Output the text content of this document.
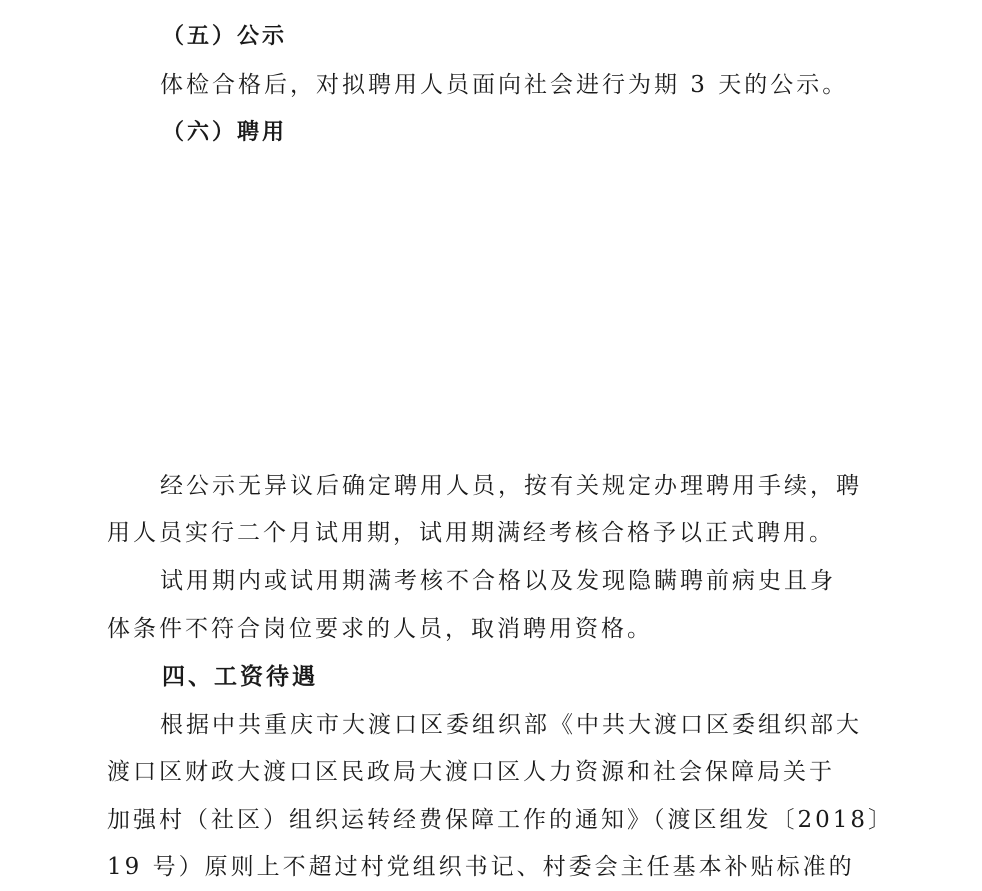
（五）公示
体检合格后，对拟聘用人员面向社会进行为期 3 天的公示。
（六）聘用
经公示无异议后确定聘用人员，按有关规定办理聘用手续，聘
用人员实行二个月试用期，试用期满经考核合格予以正式聘用。
试用期内或试用期满考核不合格以及发现隐瞒聘前病史且身
体条件不符合岗位要求的人员，取消聘用资格。
四、工资待遇
根据中共重庆市大渡口区委组织部《中共大渡口区委组织部大
渡口区财政大渡口区民政局大渡口区人力资源和社会保障局关于
加强村（社区）组织运转经费保障工作的通知》（渡区组发〔2018〕
19 号）原则上不超过村党组织书记、村委会主任基本补贴标准的
